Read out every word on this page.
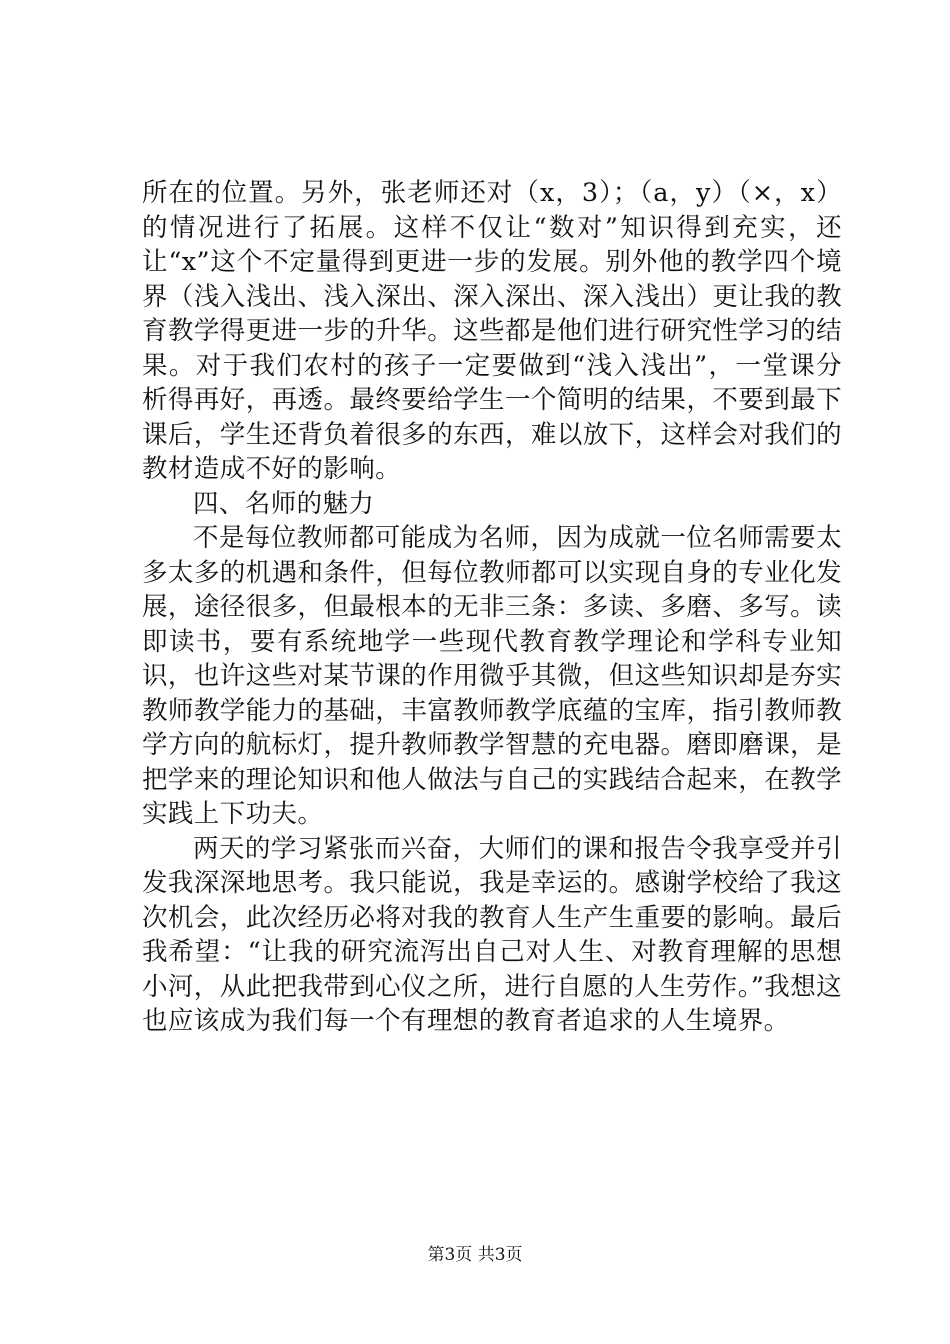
所在的位置。另外，张老师还对（x，3）；（a，y）（×，x）的情况进行了拓展。这样不仅让“数对”知识得到充实，还让“x”这个不定量得到更进一步的发展。别外他的教学四个境界（浅入浅出、浅入深出、深入深出、深入浅出）更让我的教育教学得更进一步的升华。这些都是他们进行研究性学习的结果。对于我们农村的孩子一定要做到“浅入浅出”，一堂课分析得再好，再透。最终要给学生一个简明的结果，不要到最下课后，学生还背负着很多的东西，难以放下，这样会对我们的教材造成不好的影响。

四、名师的魅力

不是每位教师都可能成为名师，因为成就一位名师需要太多太多的机遇和条件，但每位教师都可以实现自身的专业化发展，途径很多，但最根本的无非三条：多读、多磨、多写。读即读书，要有系统地学一些现代教育教学理论和学科专业知识，也许这些对某节课的作用微乎其微，但这些知识却是夯实教师教学能力的基础，丰富教师教学底蕴的宝库，指引教师教学方向的航标灯，提升教师教学智慧的充电器。磨即磨课，是把学来的理论知识和他人做法与自己的实践结合起来，在教学实践上下功夫。

两天的学习紧张而兴奋，大师们的课和报告令我享受并引发我深深地思考。我只能说，我是幸运的。感谢学校给了我这次机会，此次经历必将对我的教育人生产生重要的影响。最后我希望：“让我的研究流泻出自己对人生、对教育理解的思想小河，从此把我带到心仪之所，进行自愿的人生劳作。”我想这也应该成为我们每一个有理想的教育者追求的人生境界。

第3页 共3页
